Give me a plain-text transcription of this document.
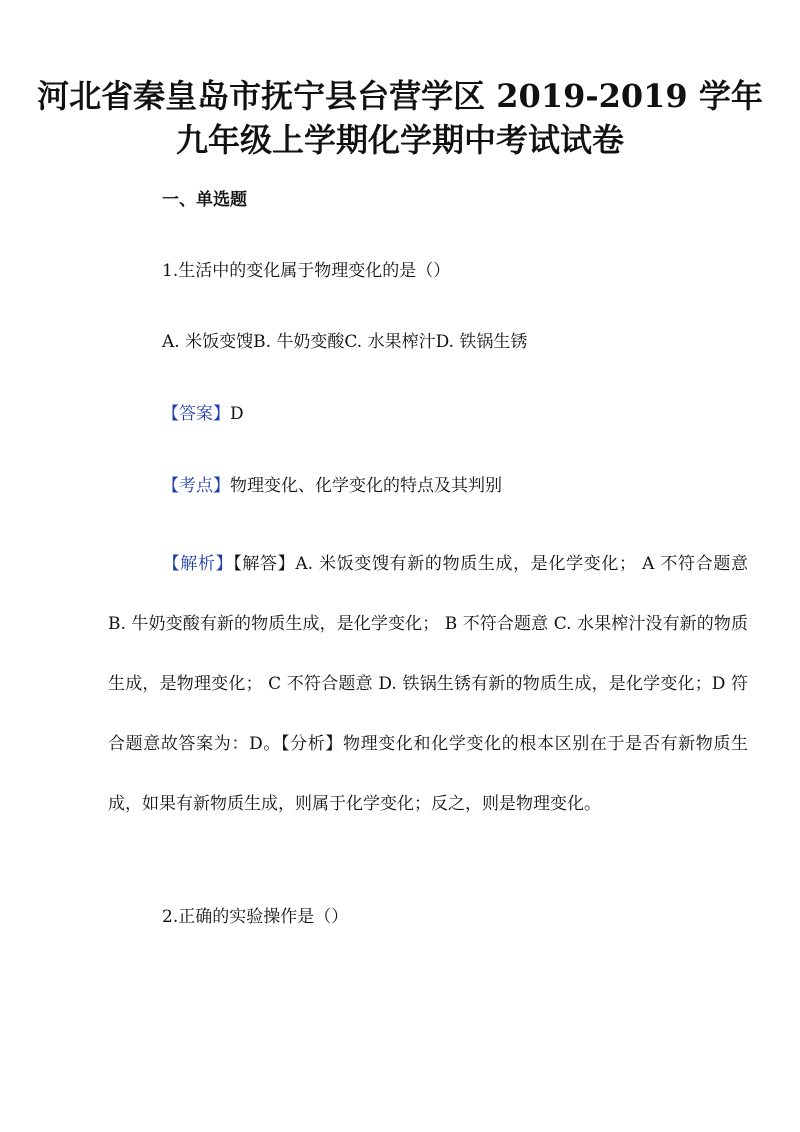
河北省秦皇岛市抚宁县台营学区 2019-2019 学年
九年级上学期化学期中考试试卷
一、单选题
1.生活中的变化属于物理变化的是（）
A. 米饭变馊B. 牛奶变酸C. 水果榨汁D. 铁锅生锈
【答案】D
【考点】物理变化、化学变化的特点及其判别
【解析】【解答】A. 米饭变馊有新的物质生成，是化学变化； A 不符合题意 B. 牛奶变酸有新的物质生成，是化学变化； B 不符合题意 C. 水果榨汁没有新的物质生成，是物理变化； C 不符合题意 D. 铁锅生锈有新的物质生成，是化学变化；D 符合题意故答案为：D。【分析】物理变化和化学变化的根本区别在于是否有新物质生成，如果有新物质生成，则属于化学变化；反之，则是物理变化。
2.正确的实验操作是（）
